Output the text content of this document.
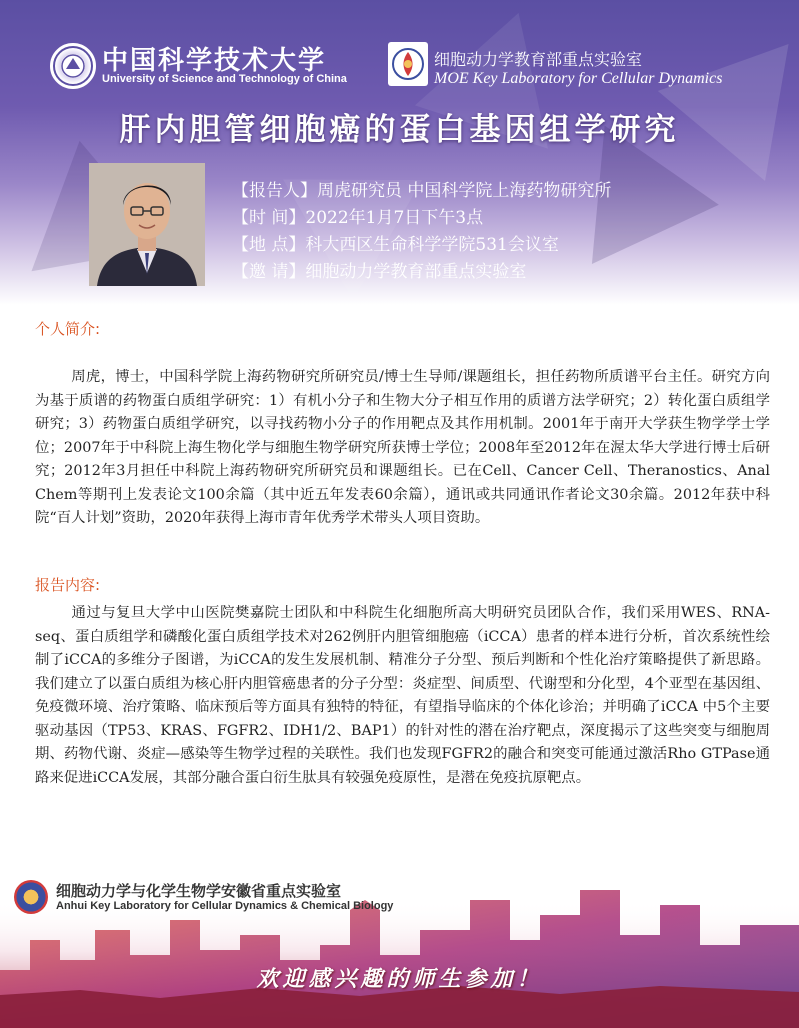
中国科学技术大学
University of Science and Technology of China
细胞动力学教育部重点实验室
MOE Key Laboratory for Cellular Dynamics
肝内胆管细胞癌的蛋白基因组学研究
【报告人】周虎研究员 中国科学院上海药物研究所
【时 间】2022年1月7日下午3点
【地 点】科大西区生命科学学院531会议室
【邀 请】细胞动力学教育部重点实验室
个人简介:
周虎，博士，中国科学院上海药物研究所研究员/博士生导师/课题组长，担任药物所质谱平台主任。研究方向为基于质谱的药物蛋白质组学研究：1）有机小分子和生物大分子相互作用的质谱方法学研究；2）转化蛋白质组学研究；3）药物蛋白质组学研究，以寻找药物小分子的作用靶点及其作用机制。2001年于南开大学获生物学学士学位；2007年于中科院上海生物化学与细胞生物学研究所获博士学位；2008年至2012年在渥太华大学进行博士后研究；2012年3月担任中科院上海药物研究所研究员和课题组长。已在Cell、Cancer Cell、Theranostics、Anal Chem等期刊上发表论文100余篇（其中近五年发表60余篇），通讯或共同通讯作者论文30余篇。2012年获中科院“百人计划”资助，2020年获得上海市青年优秀学术带头人项目资助。
报告内容:
通过与复旦大学中山医院樊嘉院士团队和中科院生化细胞所高大明研究员团队合作，我们采用WES、RNA-seq、蛋白质组学和磷酸化蛋白质组学技术对262例肝内胆管细胞癌（iCCA）患者的样本进行分析，首次系统性绘制了iCCA的多维分子图谱，为iCCA的发生发展机制、精准分子分型、预后判断和个性化治疗策略提供了新思路。我们建立了以蛋白质组为核心肝内胆管癌患者的分子分型：炎症型、间质型、代谢型和分化型，4个亚型在基因组、免疫微环境、治疗策略、临床预后等方面具有独特的特征，有望指导临床的个体化诊治；并明确了iCCA 中5个主要驱动基因（TP53、KRAS、FGFR2、IDH1/2、BAP1）的针对性的潜在治疗靶点，深度揭示了这些突变与细胞周期、药物代谢、炎症—感染等生物学过程的关联性。我们也发现FGFR2的融合和突变可能通过激活Rho GTPase通路来促进iCCA发展，其部分融合蛋白衍生肽具有较强免疫原性，是潜在免疫抗原靶点。
细胞动力学与化学生物学安徽省重点实验室
Anhui Key Laboratory for Cellular Dynamics & Chemical Biology
欢迎感兴趣的师生参加！
